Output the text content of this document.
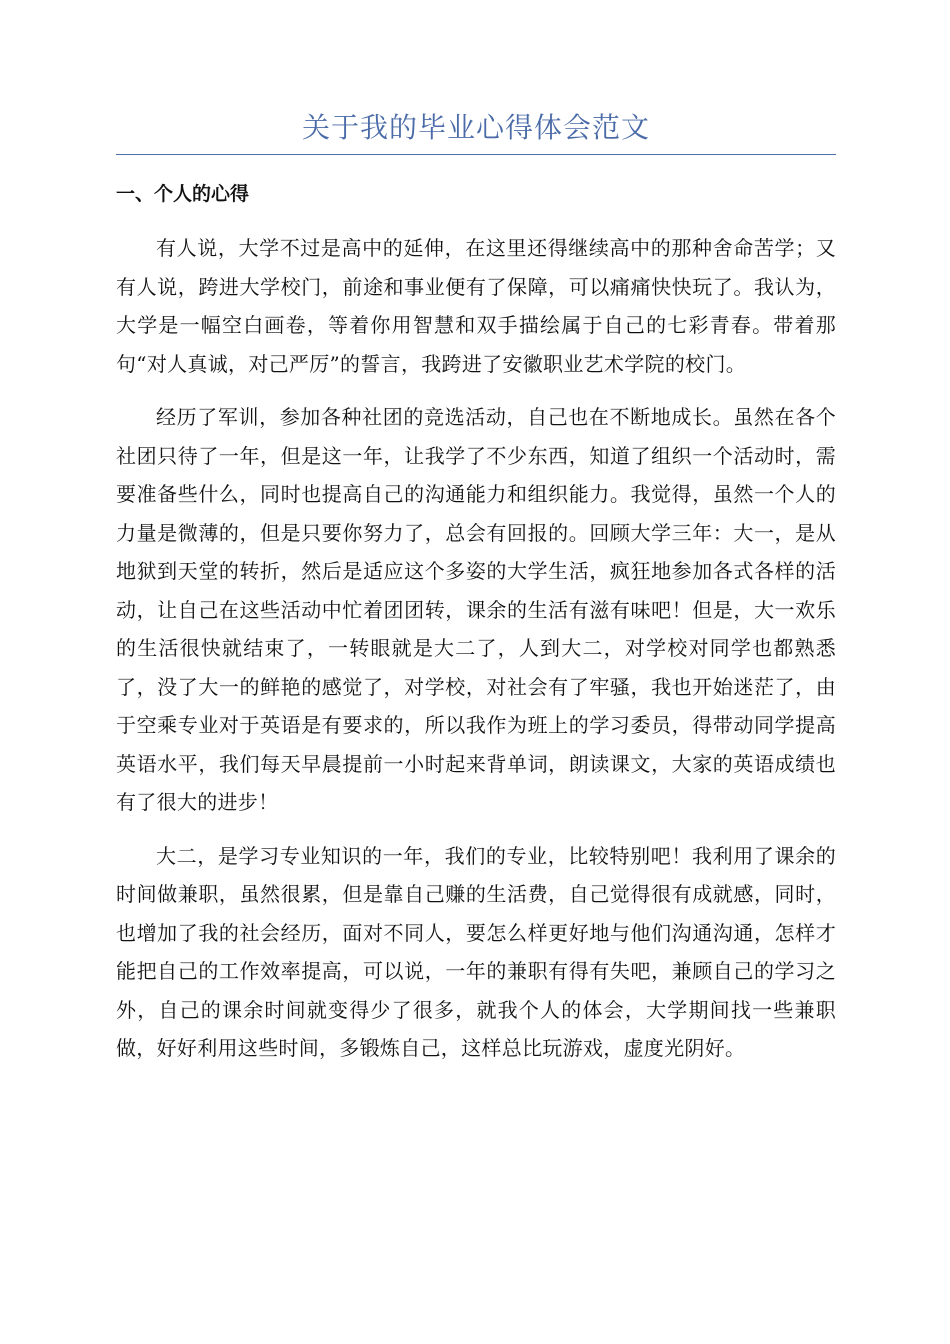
关于我的毕业心得体会范文
一、个人的心得

有人说，大学不过是高中的延伸，在这里还得继续高中的那种舍命苦学；又有人说，跨进大学校门，前途和事业便有了保障，可以痛痛快快玩了。我认为，大学是一幅空白画卷，等着你用智慧和双手描绘属于自己的七彩青春。带着那句“对人真诚，对己严厉”的誓言，我跨进了安徽职业艺术学院的校门。

经历了军训，参加各种社团的竞选活动，自己也在不断地成长。虽然在各个社团只待了一年，但是这一年，让我学了不少东西，知道了组织一个活动时，需要准备些什么，同时也提高自己的沟通能力和组织能力。我觉得，虽然一个人的力量是微薄的，但是只要你努力了，总会有回报的。回顾大学三年：大一，是从地狱到天堂的转折，然后是适应这个多姿的大学生活，疯狂地参加各式各样的活动，让自己在这些活动中忙着团团转，课余的生活有滋有味吧！但是，大一欢乐的生活很快就结束了，一转眼就是大二了，人到大二，对学校对同学也都熟悉了，没了大一的鲜艳的感觉了，对学校，对社会有了牢骚，我也开始迷茫了，由于空乘专业对于英语是有要求的，所以我作为班上的学习委员，得带动同学提高英语水平，我们每天早晨提前一小时起来背单词，朗读课文，大家的英语成绩也有了很大的进步！

大二，是学习专业知识的一年，我们的专业，比较特别吧！我利用了课余的时间做兼职，虽然很累，但是靠自己赚的生活费，自己觉得很有成就感，同时，也增加了我的社会经历，面对不同人，要怎么样更好地与他们沟通沟通，怎样才能把自己的工作效率提高，可以说，一年的兼职有得有失吧，兼顾自己的学习之外，自己的课余时间就变得少了很多，就我个人的体会，大学期间找一些兼职做，好好利用这些时间，多锻炼自己，这样总比玩游戏，虚度光阴好。
